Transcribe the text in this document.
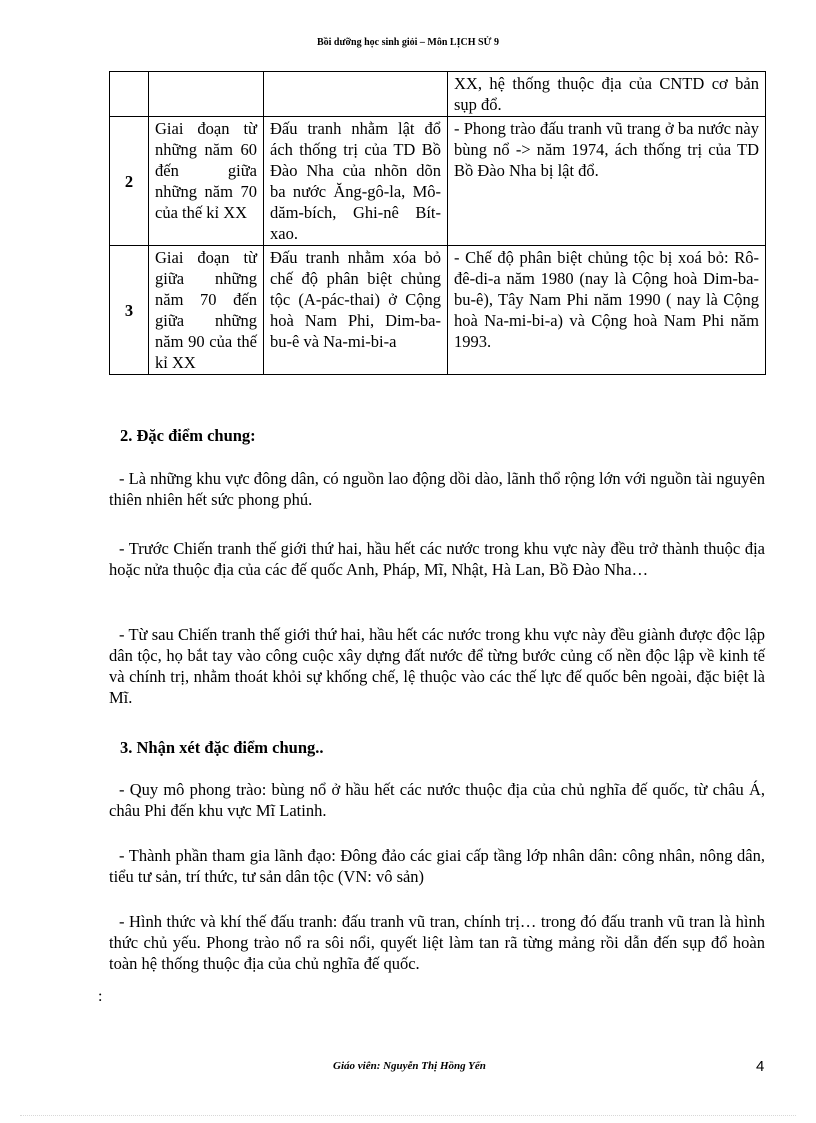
Bồi dưỡng học sinh giỏi – Môn LỊCH SỬ 9
			XX, hệ thống thuộc địa của CNTD cơ bản sụp đổ.
2	Giai đoạn từ những năm 60 đến giữa những năm 70 của thế kỉ XX	Đấu tranh nhằm lật đổ ách thống trị của TD Bồ Đào Nha của nhõn dõn ba nước Ăng-gô-la, Mô-dăm-bích, Ghi-nê Bít-xao.	- Phong trào đấu tranh vũ trang ở ba nước này bùng nổ -> năm 1974, ách thống trị của TD Bồ Đào Nha bị lật đổ.
3	Giai đoạn từ giữa những năm 70 đến giữa những năm 90 của thế kỉ XX	Đấu tranh nhằm xóa bỏ chế độ phân biệt chủng tộc (A-pác-thai) ở Cộng hoà Nam Phi, Dim-ba-bu-ê và Na-mi-bi-a	- Chế độ phân biệt chủng tộc bị xoá bỏ: Rô-đê-di-a năm 1980 (nay là Cộng hoà Dim-ba-bu-ê), Tây Nam Phi năm 1990 ( nay là Cộng hoà Na-mi-bi-a) và Cộng hoà Nam Phi năm 1993.
2. Đặc điểm chung:
- Là những khu vực đông dân, có nguồn lao động dồi dào, lãnh thổ rộng lớn với nguồn tài nguyên thiên nhiên hết sức phong phú.
- Trước Chiến tranh thế giới thứ hai, hầu hết các nước trong khu vực này đều trở thành thuộc địa hoặc nửa thuộc địa của các đế quốc Anh, Pháp, Mĩ, Nhật, Hà Lan, Bồ Đào Nha…
- Từ sau Chiến tranh thế giới thứ hai, hầu hết các nước trong khu vực này đều giành được độc lập dân tộc, họ bắt tay vào công cuộc xây dựng đất nước để từng bước củng cố nền độc lập về kinh tế và chính trị, nhằm thoát khỏi sự khống chế, lệ thuộc vào các thế lực đế quốc bên ngoài, đặc biệt là Mĩ.
3. Nhận xét đặc điểm chung..
- Quy mô phong trào: bùng nổ ở hầu hết các nước thuộc địa của chủ nghĩa đế quốc, từ châu Á, châu Phi đến khu vực Mĩ Latinh.
- Thành phần tham gia lãnh đạo: Đông đảo các giai cấp tầng lớp nhân dân: công nhân, nông dân, tiểu tư sản, trí thức, tư sản dân tộc (VN: vô sản)
- Hình thức và khí thế đấu tranh: đấu tranh vũ tran, chính trị… trong đó đấu tranh vũ tran là hình thức chủ yếu. Phong trào nổ ra sôi nổi, quyết liệt làm tan rã từng mảng rồi dẫn đến sụp đổ hoàn toàn hệ thống thuộc địa của chủ nghĩa đế quốc.
:
Giáo viên: Nguyễn Thị Hồng Yến	4
